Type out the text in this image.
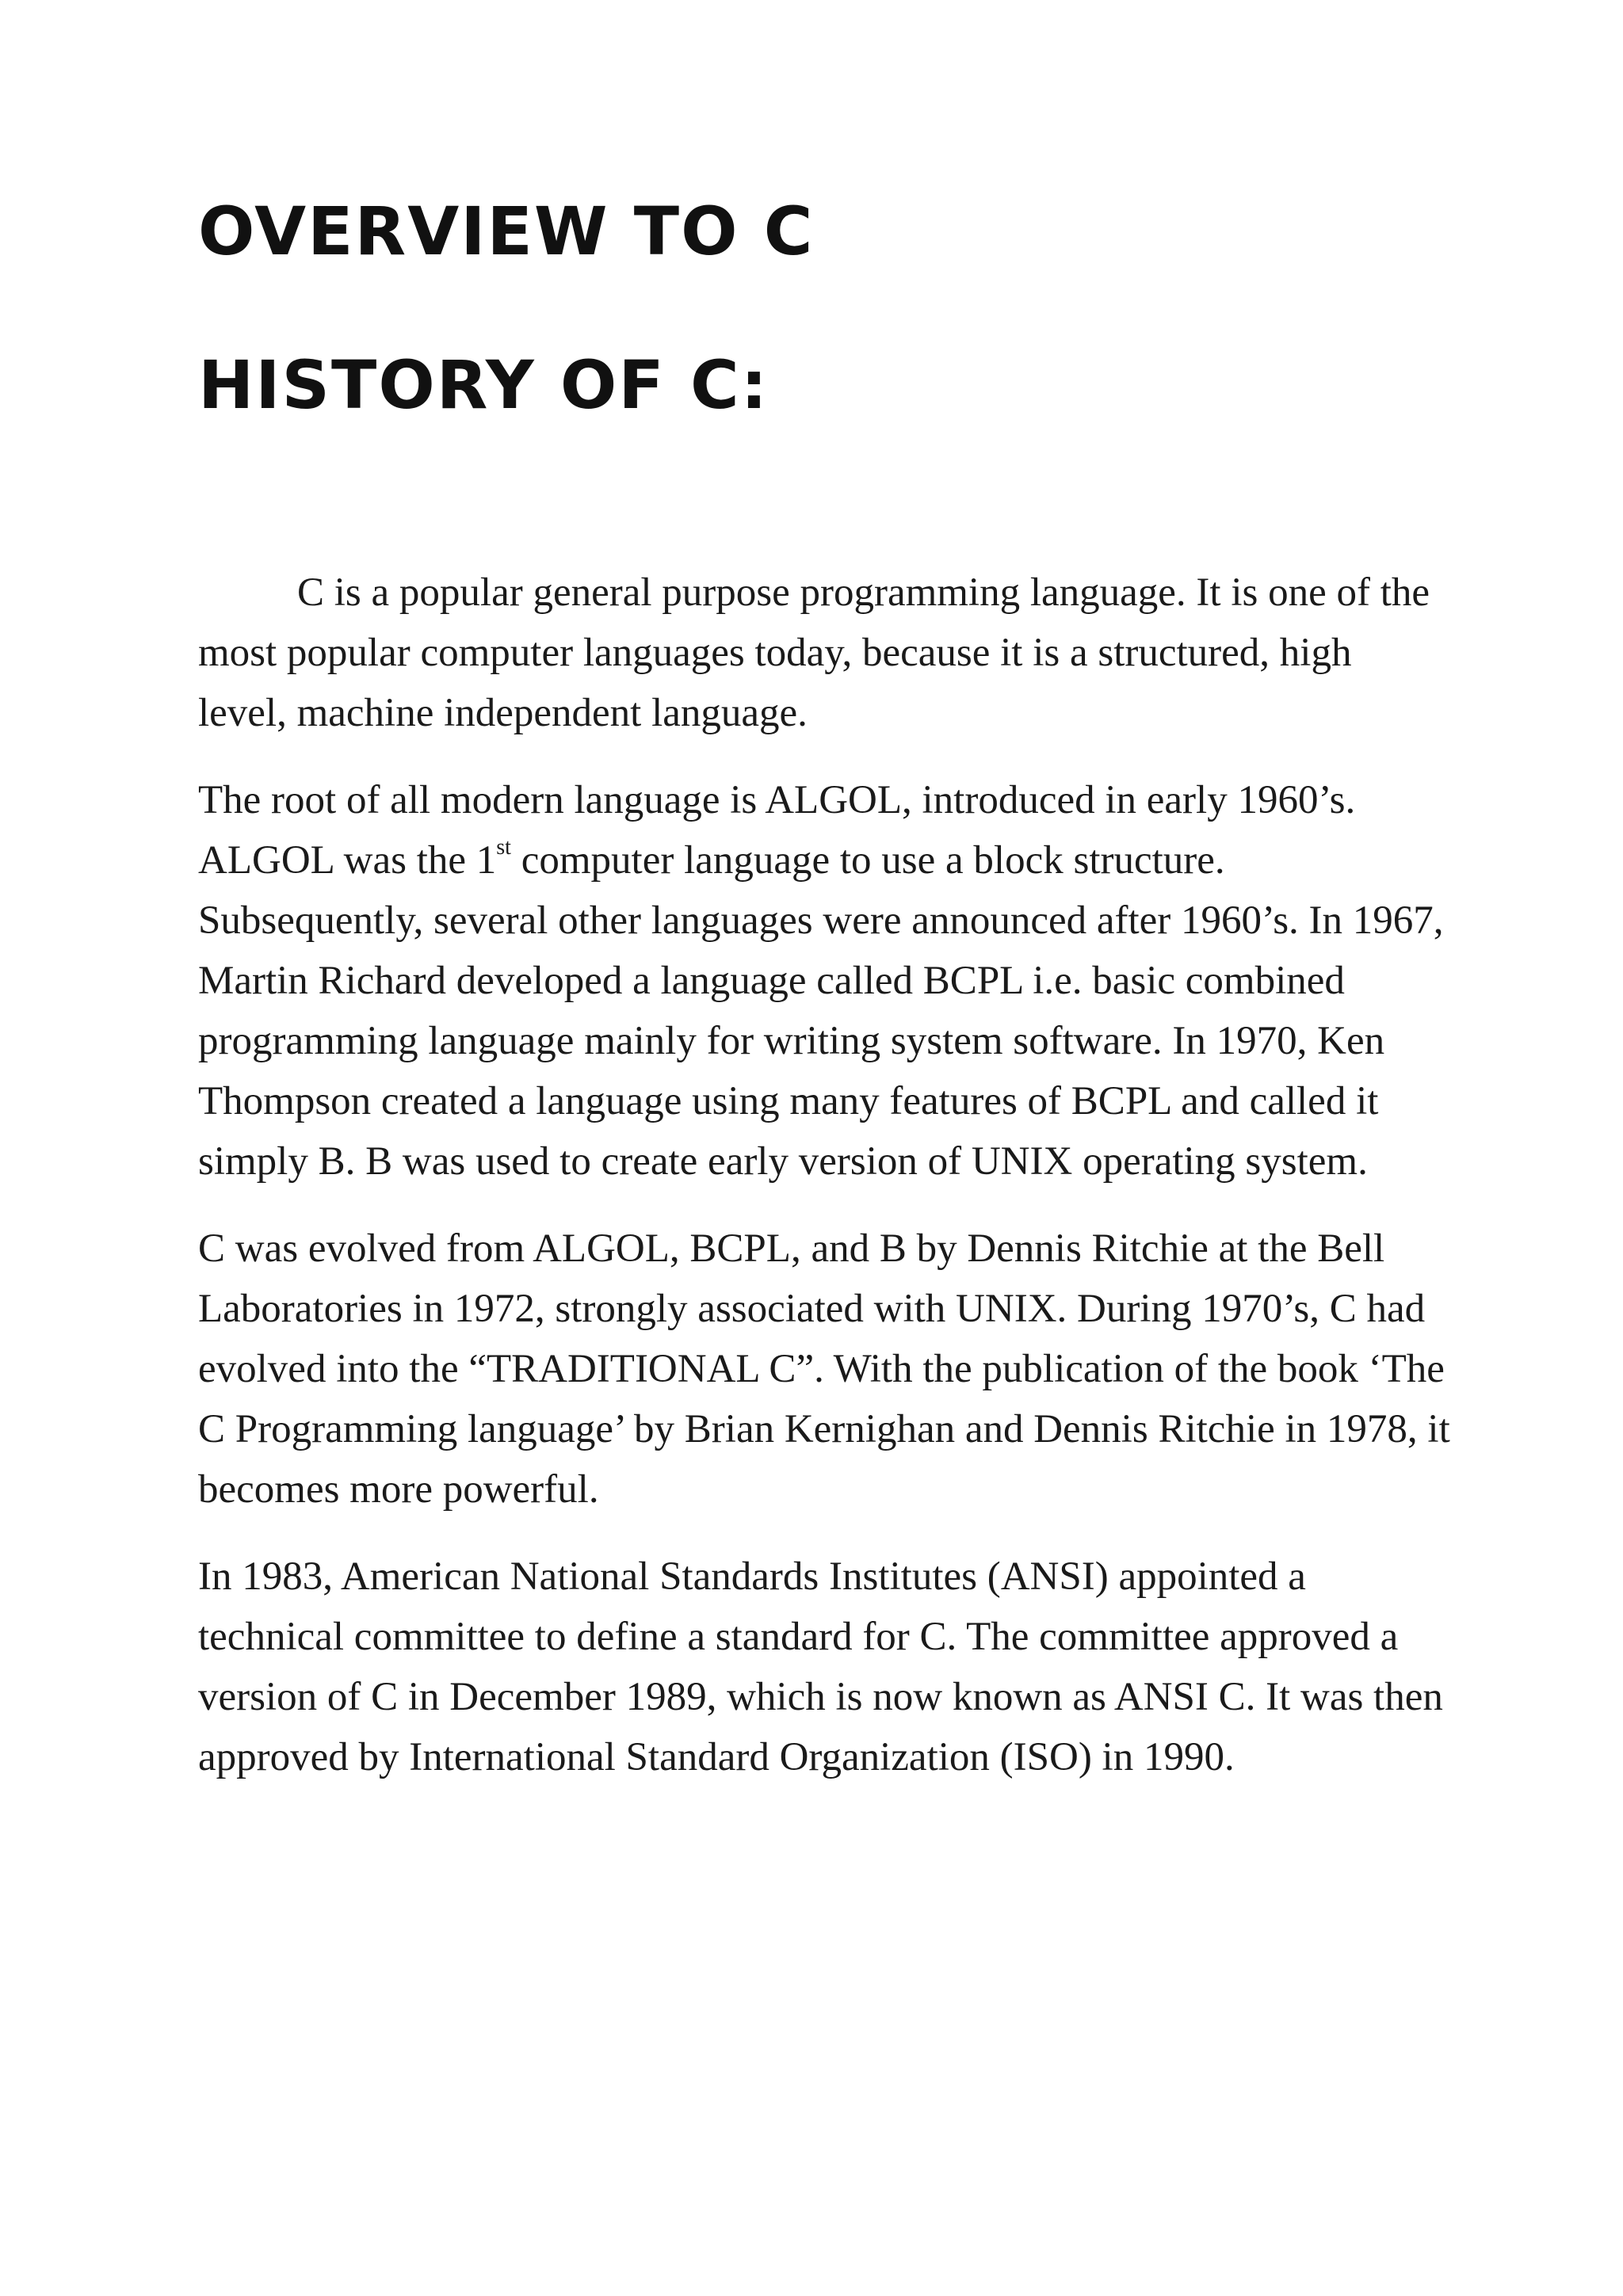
OVERVIEW TO C
HISTORY OF C:

C is a popular general purpose programming language. It is one of the most popular computer languages today, because it is a structured, high level, machine independent language.

The root of all modern language is ALGOL, introduced in early 1960’s. ALGOL was the 1st computer language to use a block structure. Subsequently, several other languages were announced after 1960’s. In 1967, Martin Richard developed a language called BCPL i.e. basic combined programming language mainly for writing system software. In 1970, Ken Thompson created a language using many features of BCPL and called it simply B. B was used to create early version of UNIX operating system.

C was evolved from ALGOL, BCPL, and B by Dennis Ritchie at the Bell Laboratories in 1972, strongly associated with UNIX. During 1970’s, C had evolved into the “TRADITIONAL C”. With the publication of the book ‘The C Programming language’ by Brian Kernighan and Dennis Ritchie in 1978, it becomes more powerful.

In 1983, American National Standards Institutes (ANSI) appointed a technical committee to define a standard for C. The committee approved a version of C in December 1989, which is now known as ANSI C. It was then approved by International Standard Organization (ISO) in 1990.
